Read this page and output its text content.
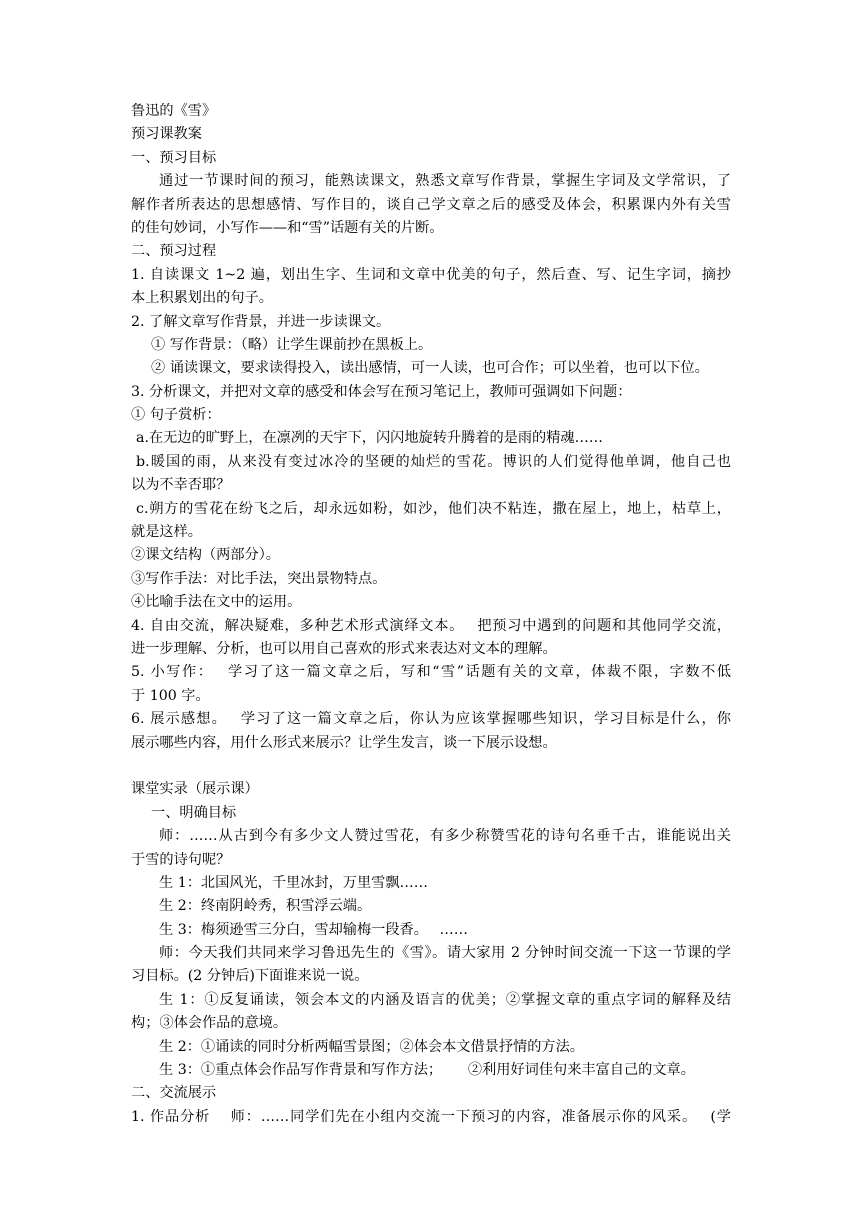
鲁迅的《雪》
预习课教案
一、预习目标
通过一节课时间的预习，能熟读课文，熟悉文章写作背景，掌握生字词及文学常识，了
解作者所表达的思想感情、写作目的，谈自己学文章之后的感受及体会，积累课内外有关雪
的佳句妙词，小写作——和“雪”话题有关的片断。
二、预习过程
1. 自读课文 1~2 遍，划出生字、生词和文章中优美的句子，然后查、写、记生字词，摘抄
本上积累划出的句子。
2. 了解文章写作背景，并进一步读课文。
① 写作背景：（略）让学生课前抄在黑板上。
② 诵读课文，要求读得投入，读出感情，可一人读，也可合作；可以坐着，也可以下位。
3. 分析课文，并把对文章的感受和体会写在预习笔记上，教师可强调如下问题：
① 句子赏析：
a.在无边的旷野上，在凛冽的天宇下，闪闪地旋转升腾着的是雨的精魂……
b.暖国的雨，从来没有变过冰冷的坚硬的灿烂的雪花。博识的人们觉得他单调，他自己也
以为不幸否耶？
c.朔方的雪花在纷飞之后，却永远如粉，如沙，他们决不粘连，撒在屋上，地上，枯草上，
就是这样。
②课文结构（两部分）。
③写作手法：对比手法，突出景物特点。
④比喻手法在文中的运用。
4. 自由交流，解决疑难，多种艺术形式演绎文本。　 把预习中遇到的问题和其他同学交流，
进一步理解、分析，也可以用自己喜欢的形式来表达对文本的理解。
5. 小写作：　 学习了这一篇文章之后，写和“雪”话题有关的文章，体裁不限，字数不低
于 100 字。
6. 展示感想。　 学习了这一篇文章之后，你认为应该掌握哪些知识，学习目标是什么，你
展示哪些内容，用什么形式来展示？让学生发言，谈一下展示设想。
课堂实录（展示课）
一、明确目标
师：……从古到今有多少文人赞过雪花，有多少称赞雪花的诗句名垂千古，谁能说出关
于雪的诗句呢？
生 1：北国风光，千里冰封，万里雪飘……
生 2：终南阴岭秀，积雪浮云端。
生 3：梅须逊雪三分白，雪却输梅一段香。　 ……
师：今天我们共同来学习鲁迅先生的《雪》。请大家用 2 分钟时间交流一下这一节课的学
习目标。(2 分钟后)下面谁来说一说。
生 1：①反复诵读，领会本文的内涵及语言的优美；②掌握文章的重点字词的解释及结
构；③体会作品的意境。
生 2：①诵读的同时分析两幅雪景图；②体会本文借景抒情的方法。
生 3：①重点体会作品写作背景和写作方法；　　 ②利用好词佳句来丰富自己的文章。
二、交流展示
1. 作品分析　 师：……同学们先在小组内交流一下预习的内容，准备展示你的风采。　 (学
